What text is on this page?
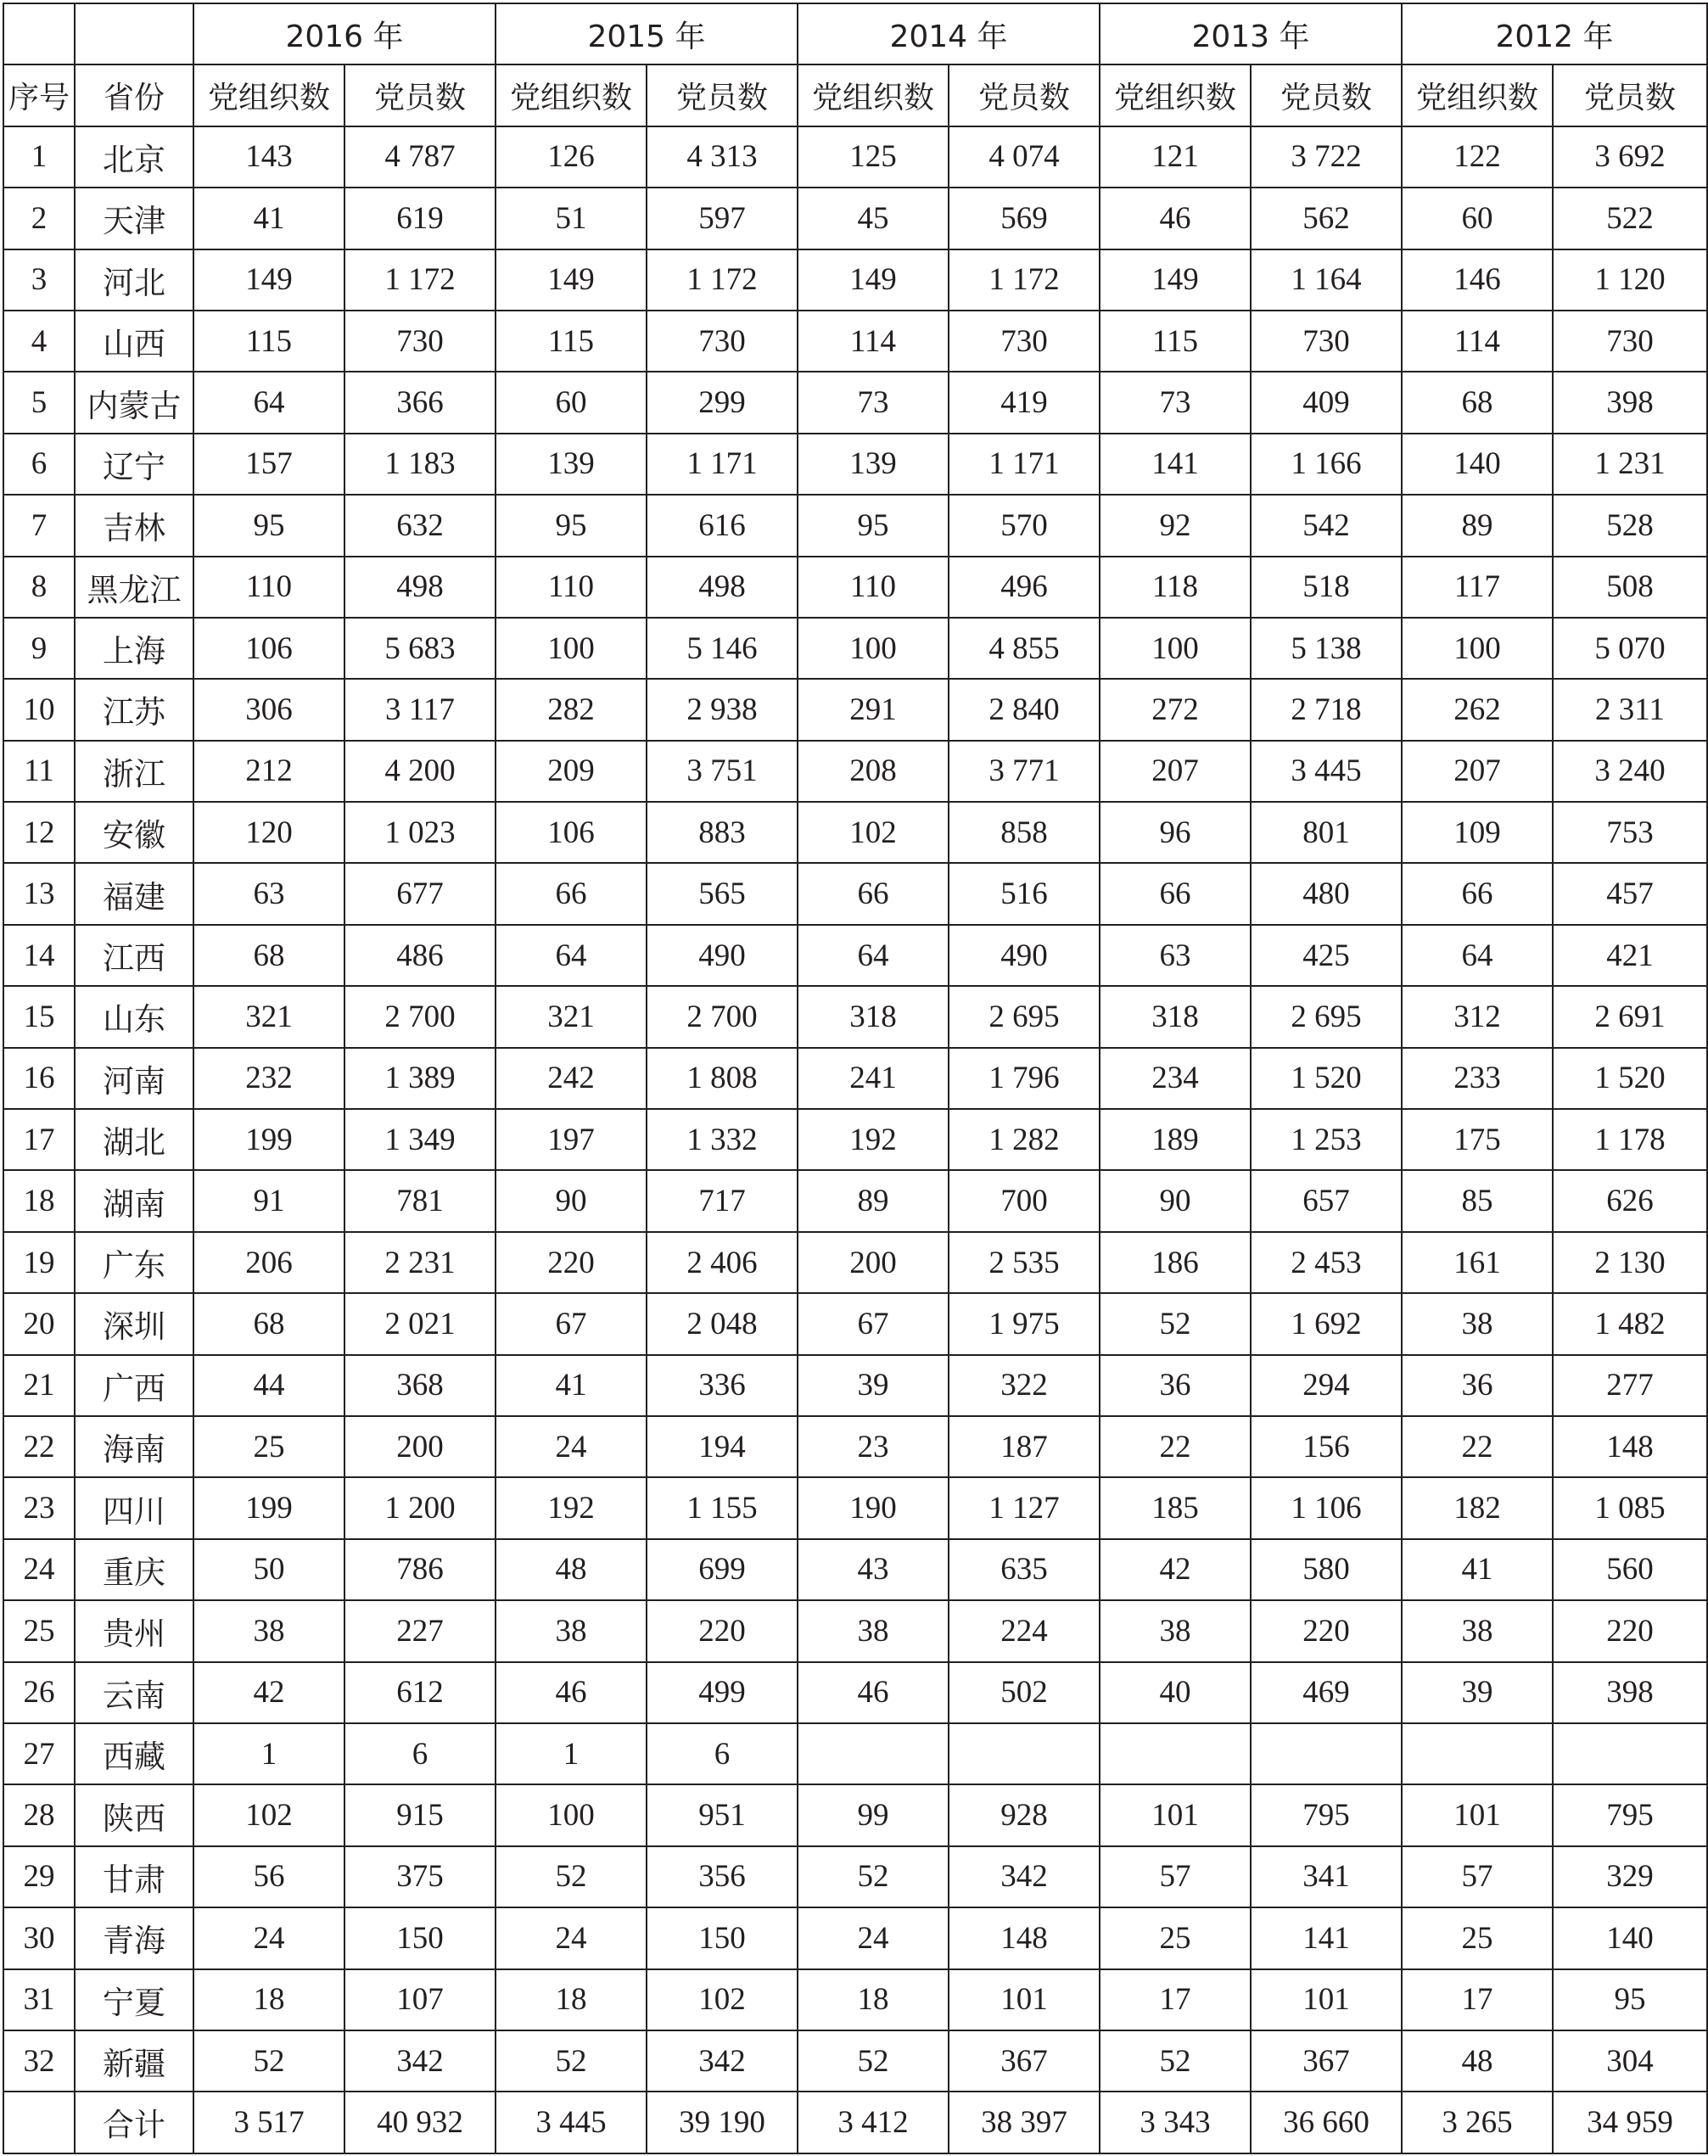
		2016 年		2015 年		2014 年		2013 年		2012 年	
序号	省份	党组织数	党员数	党组织数	党员数	党组织数	党员数	党组织数	党员数	党组织数	党员数
1	北京	143	4 787	126	4 313	125	4 074	121	3 722	122	3 692
2	天津	41	619	51	597	45	569	46	562	60	522
3	河北	149	1 172	149	1 172	149	1 172	149	1 164	146	1 120
4	山西	115	730	115	730	114	730	115	730	114	730
5	内蒙古	64	366	60	299	73	419	73	409	68	398
6	辽宁	157	1 183	139	1 171	139	1 171	141	1 166	140	1 231
7	吉林	95	632	95	616	95	570	92	542	89	528
8	黑龙江	110	498	110	498	110	496	118	518	117	508
9	上海	106	5 683	100	5 146	100	4 855	100	5 138	100	5 070
10	江苏	306	3 117	282	2 938	291	2 840	272	2 718	262	2 311
11	浙江	212	4 200	209	3 751	208	3 771	207	3 445	207	3 240
12	安徽	120	1 023	106	883	102	858	96	801	109	753
13	福建	63	677	66	565	66	516	66	480	66	457
14	江西	68	486	64	490	64	490	63	425	64	421
15	山东	321	2 700	321	2 700	318	2 695	318	2 695	312	2 691
16	河南	232	1 389	242	1 808	241	1 796	234	1 520	233	1 520
17	湖北	199	1 349	197	1 332	192	1 282	189	1 253	175	1 178
18	湖南	91	781	90	717	89	700	90	657	85	626
19	广东	206	2 231	220	2 406	200	2 535	186	2 453	161	2 130
20	深圳	68	2 021	67	2 048	67	1 975	52	1 692	38	1 482
21	广西	44	368	41	336	39	322	36	294	36	277
22	海南	25	200	24	194	23	187	22	156	22	148
23	四川	199	1 200	192	1 155	190	1 127	185	1 106	182	1 085
24	重庆	50	786	48	699	43	635	42	580	41	560
25	贵州	38	227	38	220	38	224	38	220	38	220
26	云南	42	612	46	499	46	502	40	469	39	398
27	西藏	1	6	1	6						
28	陕西	102	915	100	951	99	928	101	795	101	795
29	甘肃	56	375	52	356	52	342	57	341	57	329
30	青海	24	150	24	150	24	148	25	141	25	140
31	宁夏	18	107	18	102	18	101	17	101	17	95
32	新疆	52	342	52	342	52	367	52	367	48	304
	合计	3 517	40 932	3 445	39 190	3 412	38 397	3 343	36 660	3 265	34 959
